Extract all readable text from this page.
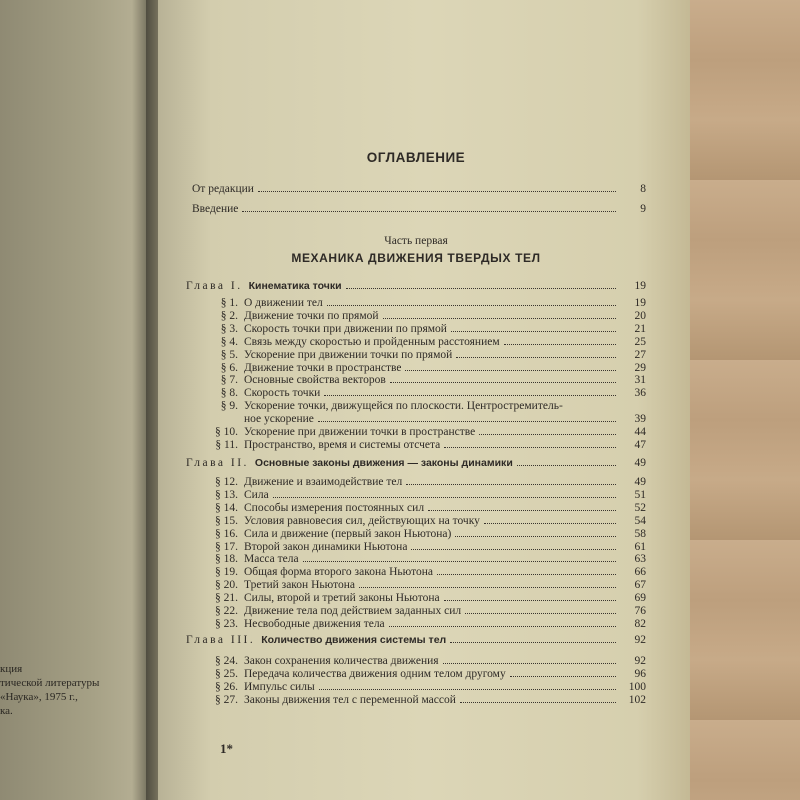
кция
тической литературы
«Наука», 1975 г.,
ка.
ОГЛАВЛЕНИЕ
Часть первая
МЕХАНИКА ДВИЖЕНИЯ ТВЕРДЫХ ТЕЛ
От редакции	8
Введение	9
Глава I. Кинематика точки	19
§ 1. О движении тел	19
§ 2. Движение точки по прямой	20
§ 3. Скорость точки при движении по прямой	21
§ 4. Связь между скоростью и пройденным расстоянием	25
§ 5. Ускорение при движении точки по прямой	27
§ 6. Движение точки в пространстве	29
§ 7. Основные свойства векторов	31
§ 8. Скорость точки	36
§ 9. Ускорение точки, движущейся по плоскости. Центростремитель-
ное ускорение	39
§ 10. Ускорение при движении точки в пространстве	44
§ 11. Пространство, время и системы отсчета	47
Глава II. Основные законы движения — законы динамики	49
§ 12. Движение и взаимодействие тел	49
§ 13. Сила	51
§ 14. Способы измерения постоянных сил	52
§ 15. Условия равновесия сил, действующих на точку	54
§ 16. Сила и движение (первый закон Ньютона)	58
§ 17. Второй закон динамики Ньютона	61
§ 18. Масса тела	63
§ 19. Общая форма второго закона Ньютона	66
§ 20. Третий закон Ньютона	67
§ 21. Силы, второй и третий законы Ньютона	69
§ 22. Движение тела под действием заданных сил	76
§ 23. Несвободные движения тела	82
Глава III. Количество движения системы тел	92
§ 24. Закон сохранения количества движения	92
§ 25. Передача количества движения одним телом другому	96
§ 26. Импульс силы	100
§ 27. Законы движения тел с переменной массой	102
1*
